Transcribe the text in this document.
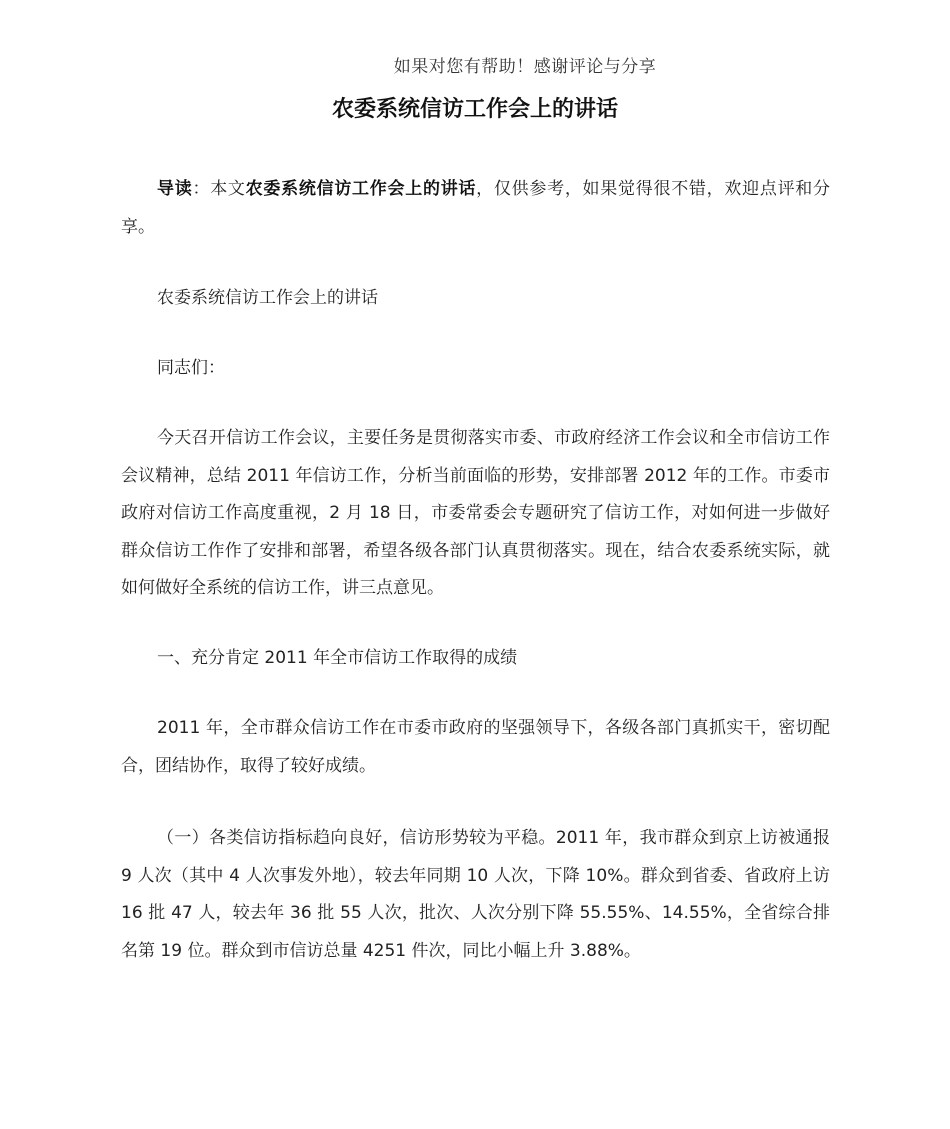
如果对您有帮助！感谢评论与分享
农委系统信访工作会上的讲话
导读：本文农委系统信访工作会上的讲话，仅供参考，如果觉得很不错，欢迎点评和分享。
农委系统信访工作会上的讲话
同志们：
今天召开信访工作会议，主要任务是贯彻落实市委、市政府经济工作会议和全市信访工作会议精神，总结 2011 年信访工作，分析当前面临的形势，安排部署 2012 年的工作。市委市政府对信访工作高度重视，2 月 18 日，市委常委会专题研究了信访工作，对如何进一步做好群众信访工作作了安排和部署，希望各级各部门认真贯彻落实。现在，结合农委系统实际，就如何做好全系统的信访工作，讲三点意见。
一、充分肯定 2011 年全市信访工作取得的成绩
2011 年，全市群众信访工作在市委市政府的坚强领导下，各级各部门真抓实干，密切配合，团结协作，取得了较好成绩。
（一）各类信访指标趋向良好，信访形势较为平稳。2011 年，我市群众到京上访被通报 9 人次（其中 4 人次事发外地），较去年同期 10 人次，下降 10%。群众到省委、省政府上访 16 批 47 人，较去年 36 批 55 人次，批次、人次分别下降 55.55%、14.55%，全省综合排名第 19 位。群众到市信访总量 4251 件次，同比小幅上升 3.88%。
